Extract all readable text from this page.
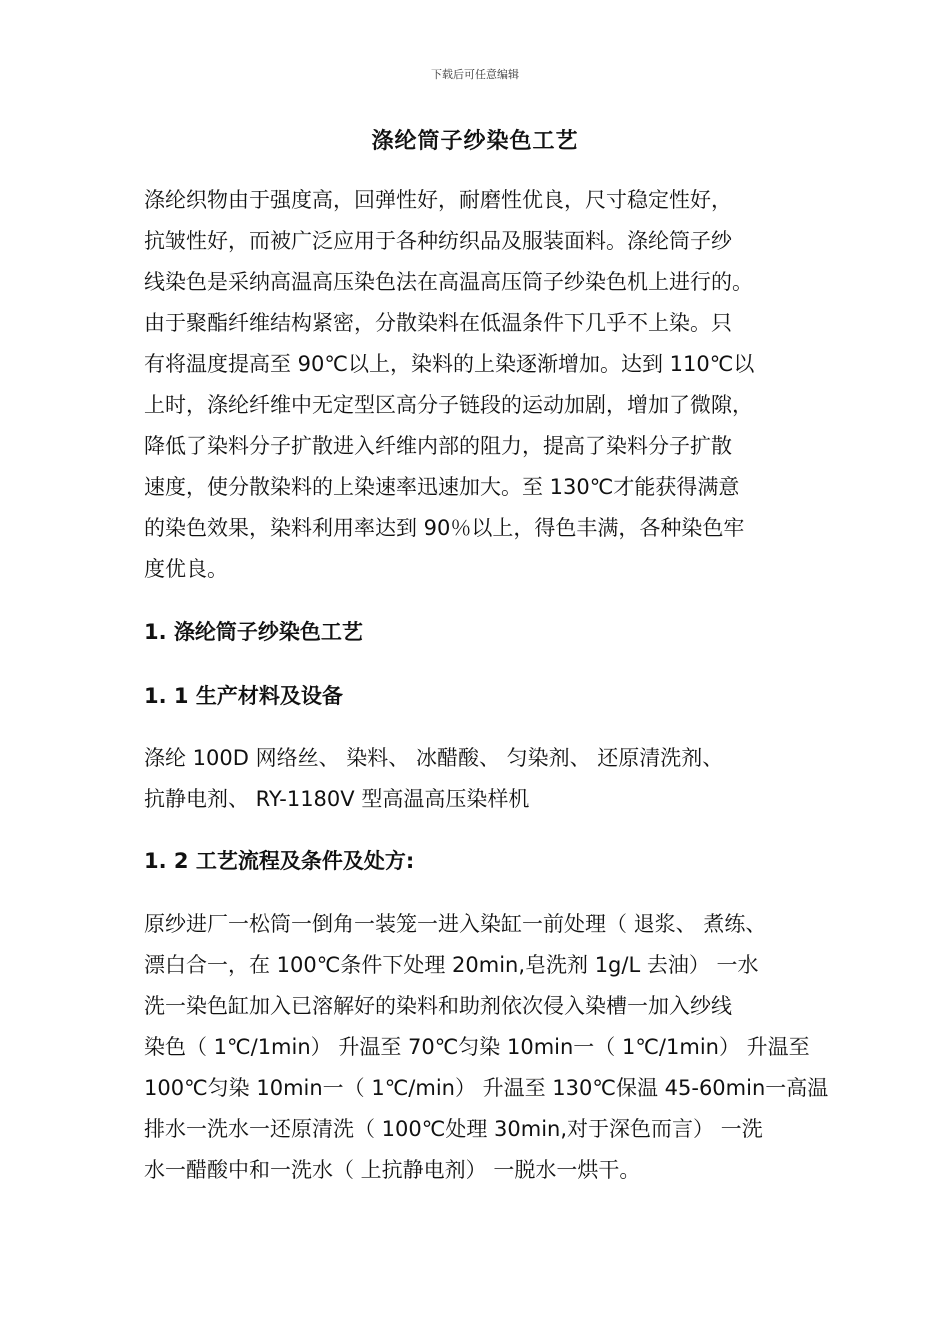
下载后可任意编辑
涤纶筒子纱染色工艺
涤纶织物由于强度高，回弹性好，耐磨性优良，尺寸稳定性好，
抗皱性好，而被广泛应用于各种纺织品及服装面料。涤纶筒子纱
线染色是采纳高温高压染色法在高温高压筒子纱染色机上进行的。
由于聚酯纤维结构紧密，分散染料在低温条件下几乎不上染。只
有将温度提高至 90℃以上，染料的上染逐渐增加。达到 110℃以
上时，涤纶纤维中无定型区高分子链段的运动加剧，增加了微隙，
降低了染料分子扩散进入纤维内部的阻力，提高了染料分子扩散
速度，使分散染料的上染速率迅速加大。至 130℃才能获得满意
的染色效果，染料利用率达到 90％以上，得色丰满，各种染色牢
度优良。
1. 涤纶筒子纱染色工艺
1. 1 生产材料及设备
涤纶 100D 网络丝、 染料、 冰醋酸、 匀染剂、 还原清洗剂、
抗静电剂、 RY-1180V 型高温高压染样机
1. 2 工艺流程及条件及处方:
原纱进厂一松筒一倒角一装笼一进入染缸一前处理（ 退浆、 煮练、
漂白合一，在 100℃条件下处理 20min,皂洗剂 1g/L 去油） 一水
洗一染色缸加入已溶解好的染料和助剂依次侵入染槽一加入纱线
染色（ 1℃/1min） 升温至 70℃匀染 10min一（ 1℃/1min） 升温至
100℃匀染 10min一（ 1℃/min） 升温至 130℃保温 45-60min一高温
排水一洗水一还原清洗（ 100℃处理 30min,对于深色而言） 一洗
水一醋酸中和一洗水（ 上抗静电剂） 一脱水一烘干。
